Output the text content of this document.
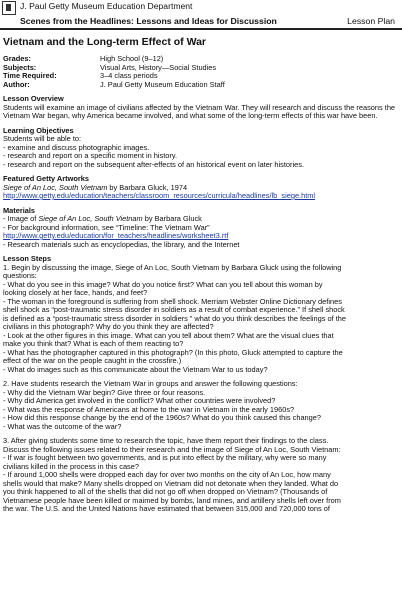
J. Paul Getty Museum Education Department
Scenes from the Headlines: Lessons and Ideas for Discussion	Lesson Plan
Vietnam and the Long-term Effect of War
Grades:	High School (9–12)
Subjects:	Visual Arts, History—Social Studies
Time Required:	3–4 class periods
Author:	J. Paul Getty Museum Education Staff
Lesson Overview

Students will examine an image of civilians affected by the Vietnam War. They will research and discuss the reasons the Vietnam War began, why America became involved, and what some of the long-term effects of this war have been.

Learning Objectives
Students will be able to:
- examine and discuss photographic images.
- research and report on a specific moment in history.
- research and report on the subsequent after-effects of an historical event on later histories.
Featured Getty Artworks
Siege of An Loc, South Vietnam by Barbara Gluck, 1974
http://www.getty.edu/education/teachers/classroom_resources/curricula/headlines/lb_siege.html
Materials
- Image of Siege of An Loc, South Vietnam by Barbara Gluck
- For background information, see “Timeline: The Vietnam War”
http://www.getty.edu/education/for_teachers/headlines/worksheet3.rtf
- Research materials such as encyclopedias, the library, and the Internet
Lesson Steps
1. Begin by discussing the image, Siege of An Loc, South Vietnam by Barbara Gluck using the following
questions:
- What do you see in this image? What do you notice first? What can you tell about this woman by
looking closely at her face, hands, and feet?
- The woman in the foreground is suffering from shell shock. Merriam Webster Online Dictionary defines
shell shock as “post-traumatic stress disorder in soldiers as a result of combat experience.” If shell shock
is defined as a “post-traumatic stress disorder in soldiers ” what do you think describes the feelings of the
civilians in this photograph? Why do you think they are affected?
- Look at the other figures in this image. What can you tell about them? What are the visual clues that
make you think that? What is each of them reacting to?
- What has the photographer captured in this photograph? (In this photo, Gluck attempted to capture the
effect of the war on the people caught in the crossfire.)
- What do images such as this communicate about the Vietnam War to us today?
2. Have students research the Vietnam War in groups and answer the following questions:
- Why did the Vietnam War begin? Give three or four reasons.
- Why did America get involved in the conflict? What other countries were involved?
- What was the response of Americans at home to the war in Vietnam in the early 1960s?
- How did this response change by the end of the 1960s? What do you think caused this change?
- What was the outcome of the war?
3. After giving students some time to research the topic, have them report their findings to the class.
Discuss the following issues related to their research and the image of Siege of An Loc, South Vietnam:
- If war is fought between two governments, and is put into effect by the military, why were so many
civilians killed in the process in this case?
- If around 1,000 shells were dropped each day for over two months on the city of An Loc, how many
shells would that make? Many shells dropped on Vietnam did not detonate when they landed. What do
you think happened to all of the shells that did not go off when dropped on Vietnam? (Thousands of
Vietnamese people have been killed or maimed by bombs, land mines, and artillery shells left over from
the war. The U.S. and the United Nations have estimated that between 315,000 and 720,000 tons of
